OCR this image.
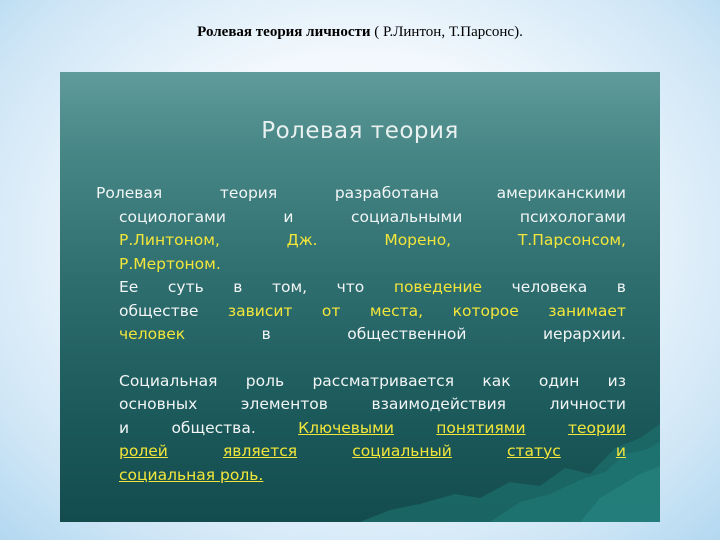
Ролевая теория личности ( Р.Линтон, Т.Парсонс).
Ролевая теория
Ролевая	теория	разработана	американскими
социологами	и	социальными	психологами
Р.Линтоном,	Дж.	Морено,	Т.Парсонсом,
Р.Мертоном.
Ее суть в том, что поведение человека в
обществе зависит от места, которое занимает
человек	в	общественной	иерархии.
Социальная роль рассматривается как один из
основных	элементов	взаимодействия	личности
и	общества.	Ключевыми	понятиями	теории
ролей	является	социальный	статус	и
социальная роль.
